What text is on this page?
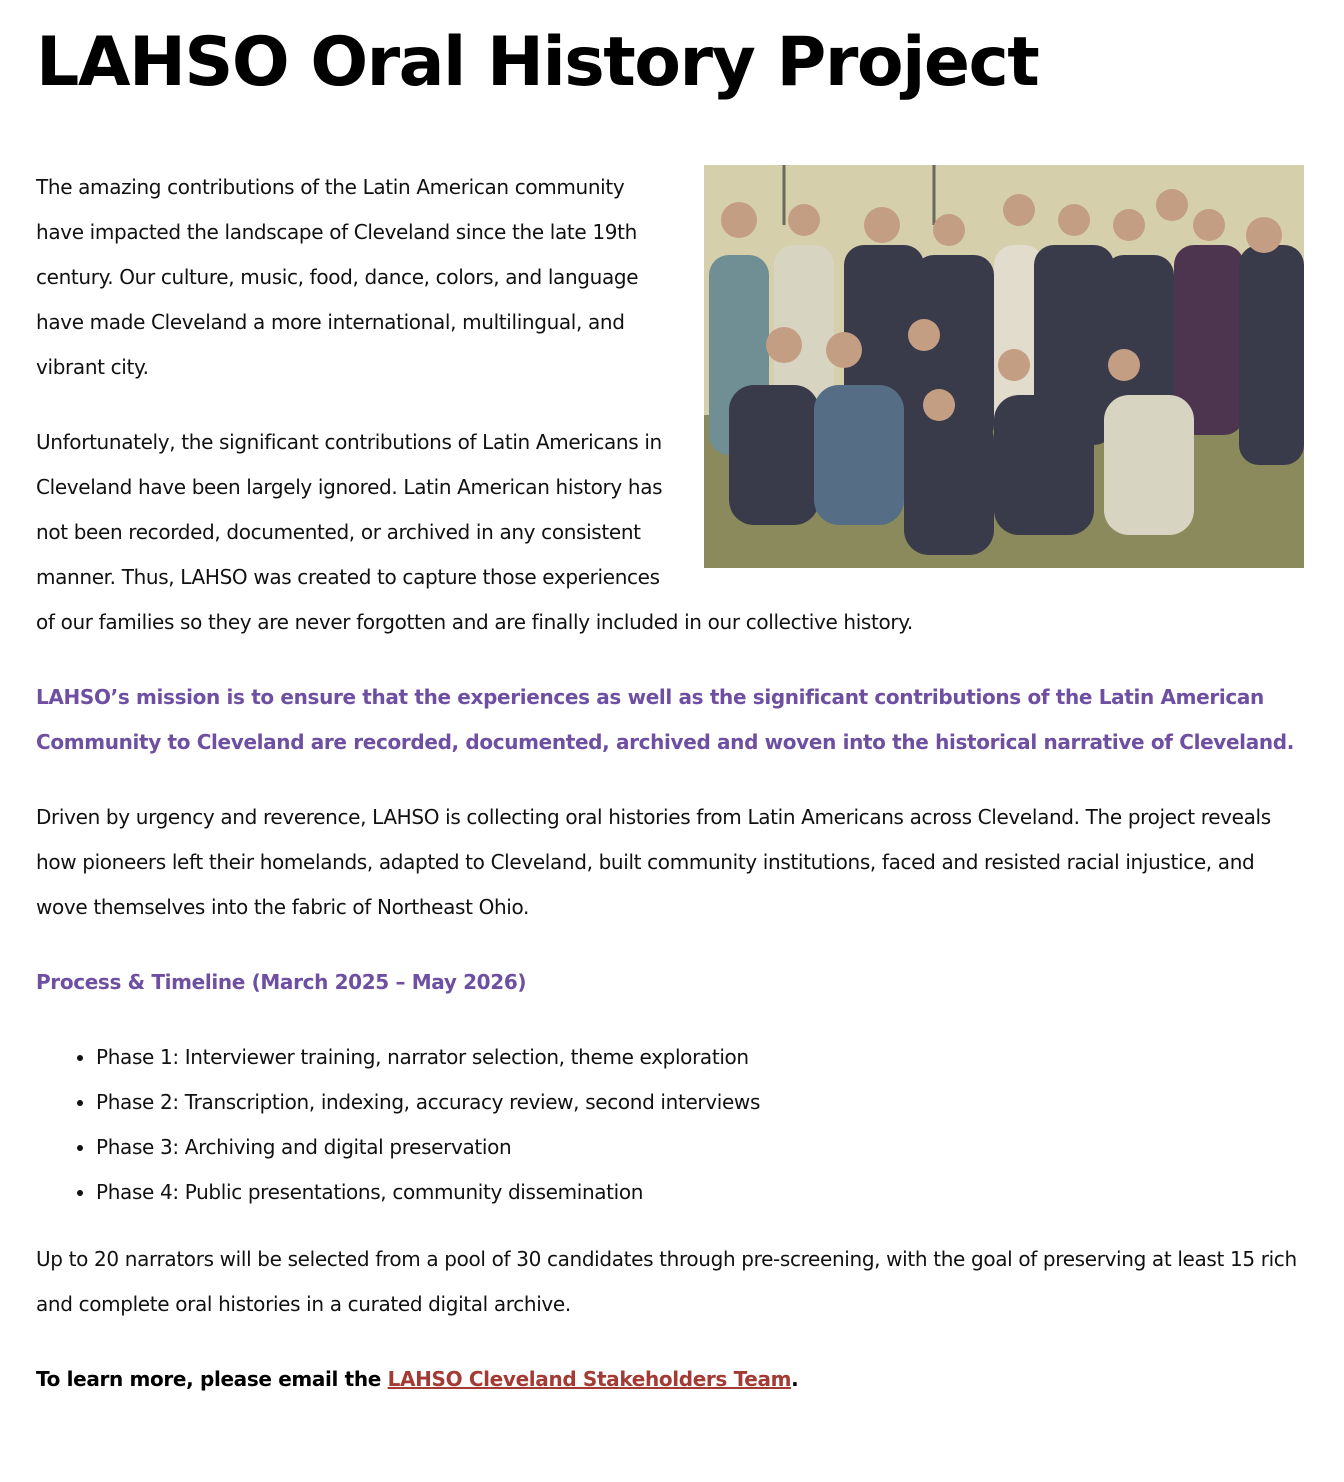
LAHSO Oral History Project

The amazing contributions of the Latin American community have impacted the landscape of Cleveland since the late 19th century. Our culture, music, food, dance, colors, and language have made Cleveland a more international, multilingual, and vibrant city.

Unfortunately, the significant contributions of Latin Americans in Cleveland have been largely ignored. Latin American history has not been recorded, documented, or archived in any consistent manner. Thus, LAHSO was created to capture those experiences of our families so they are never forgotten and are finally included in our collective history.

LAHSO’s mission is to ensure that the experiences as well as the significant contributions of the Latin American Community to Cleveland are recorded, documented, archived and woven into the historical narrative of Cleveland.

Driven by urgency and reverence, LAHSO is collecting oral histories from Latin Americans across Cleveland. The project reveals how pioneers left their homelands, adapted to Cleveland, built community institutions, faced and resisted racial injustice, and wove themselves into the fabric of Northeast Ohio.

Process & Timeline (March 2025 – May 2026)

• Phase 1: Interviewer training, narrator selection, theme exploration
• Phase 2: Transcription, indexing, accuracy review, second interviews
• Phase 3: Archiving and digital preservation
• Phase 4: Public presentations, community dissemination

Up to 20 narrators will be selected from a pool of 30 candidates through pre-screening, with the goal of preserving at least 15 rich and complete oral histories in a curated digital archive.

To learn more, please email the LAHSO Cleveland Stakeholders Team.
